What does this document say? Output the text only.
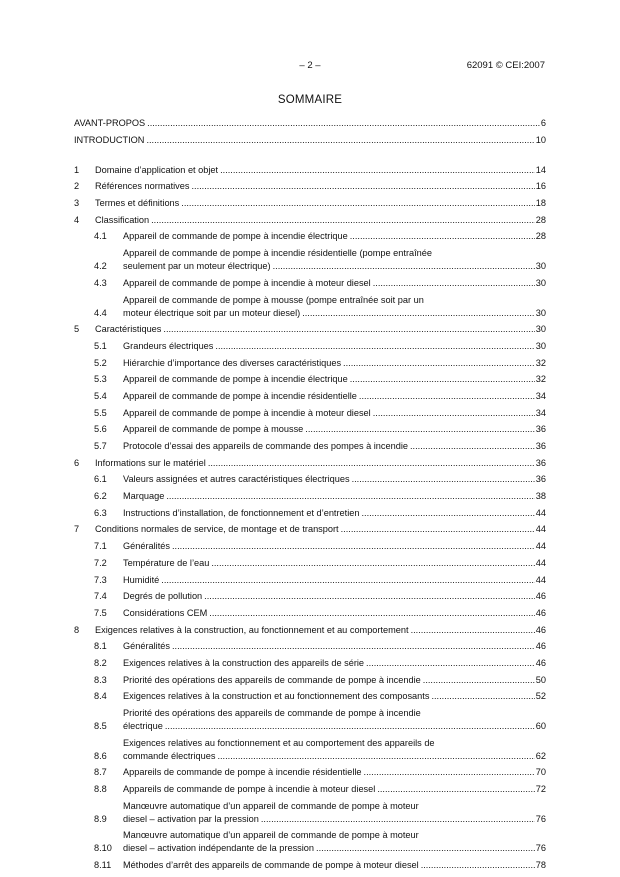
– 2 –	62091 © CEI:2007
SOMMAIRE
AVANT-PROPOS .....	6
INTRODUCTION .....	10
1	Domaine d’application et objet .....	14
2	Références normatives .....	16
3	Termes et définitions .....	18
4	Classification .....	28
4.1	Appareil de commande de pompe à incendie électrique .....	28
4.2
Appareil de commande de pompe à incendie résidentielle (pompe entraînée
seulement par un moteur électrique) .....	30
4.3	Appareil de commande de pompe à incendie à moteur diesel .....	30
4.4
Appareil de commande de pompe à mousse (pompe entraînée soit par un
moteur électrique soit par un moteur diesel) .....	30
5	Caractéristiques .....	30
5.1	Grandeurs électriques .....	30
5.2	Hiérarchie d’importance des diverses caractéristiques .....	32
5.3	Appareil de commande de pompe à incendie électrique .....	32
5.4	Appareil de commande de pompe à incendie résidentielle .....	34
5.5	Appareil de commande de pompe à incendie à moteur diesel .....	34
5.6	Appareil de commande de pompe à mousse .....	36
5.7	Protocole d’essai des appareils de commande des pompes à incendie .....	36
6	Informations sur le matériel .....	36
6.1	Valeurs assignées et autres caractéristiques électriques .....	36
6.2	Marquage .....	38
6.3	Instructions d’installation, de fonctionnement et d’entretien .....	44
7	Conditions normales de service, de montage et de transport .....	44
7.1	Généralités .....	44
7.2	Température de l’eau .....	44
7.3	Humidité .....	44
7.4	Degrés de pollution .....	46
7.5	Considérations CEM .....	46
8	Exigences relatives à la construction, au fonctionnement et au comportement .....	46
8.1	Généralités .....	46
8.2	Exigences relatives à la construction des appareils de série .....	46
8.3	Priorité des opérations des appareils de commande de pompe à incendie .....	50
8.4	Exigences relatives à la construction et au fonctionnement des composants .....	52
8.5
Priorité des opérations des appareils de commande de pompe à incendie
électrique .....	60
8.6
Exigences relatives au fonctionnement et au comportement des appareils de
commande électriques .....	62
8.7	Appareils de commande de pompe à incendie résidentielle .....	70
8.8	Appareils de commande de pompe à incendie à moteur diesel .....	72
8.9
Manœuvre automatique d’un appareil de commande de pompe à moteur
diesel – activation par la pression .....	76
8.10
Manœuvre automatique d’un appareil de commande de pompe à moteur
diesel – activation indépendante de la pression .....	76
8.11	Méthodes d’arrêt des appareils de commande de pompe à moteur diesel .....	78
